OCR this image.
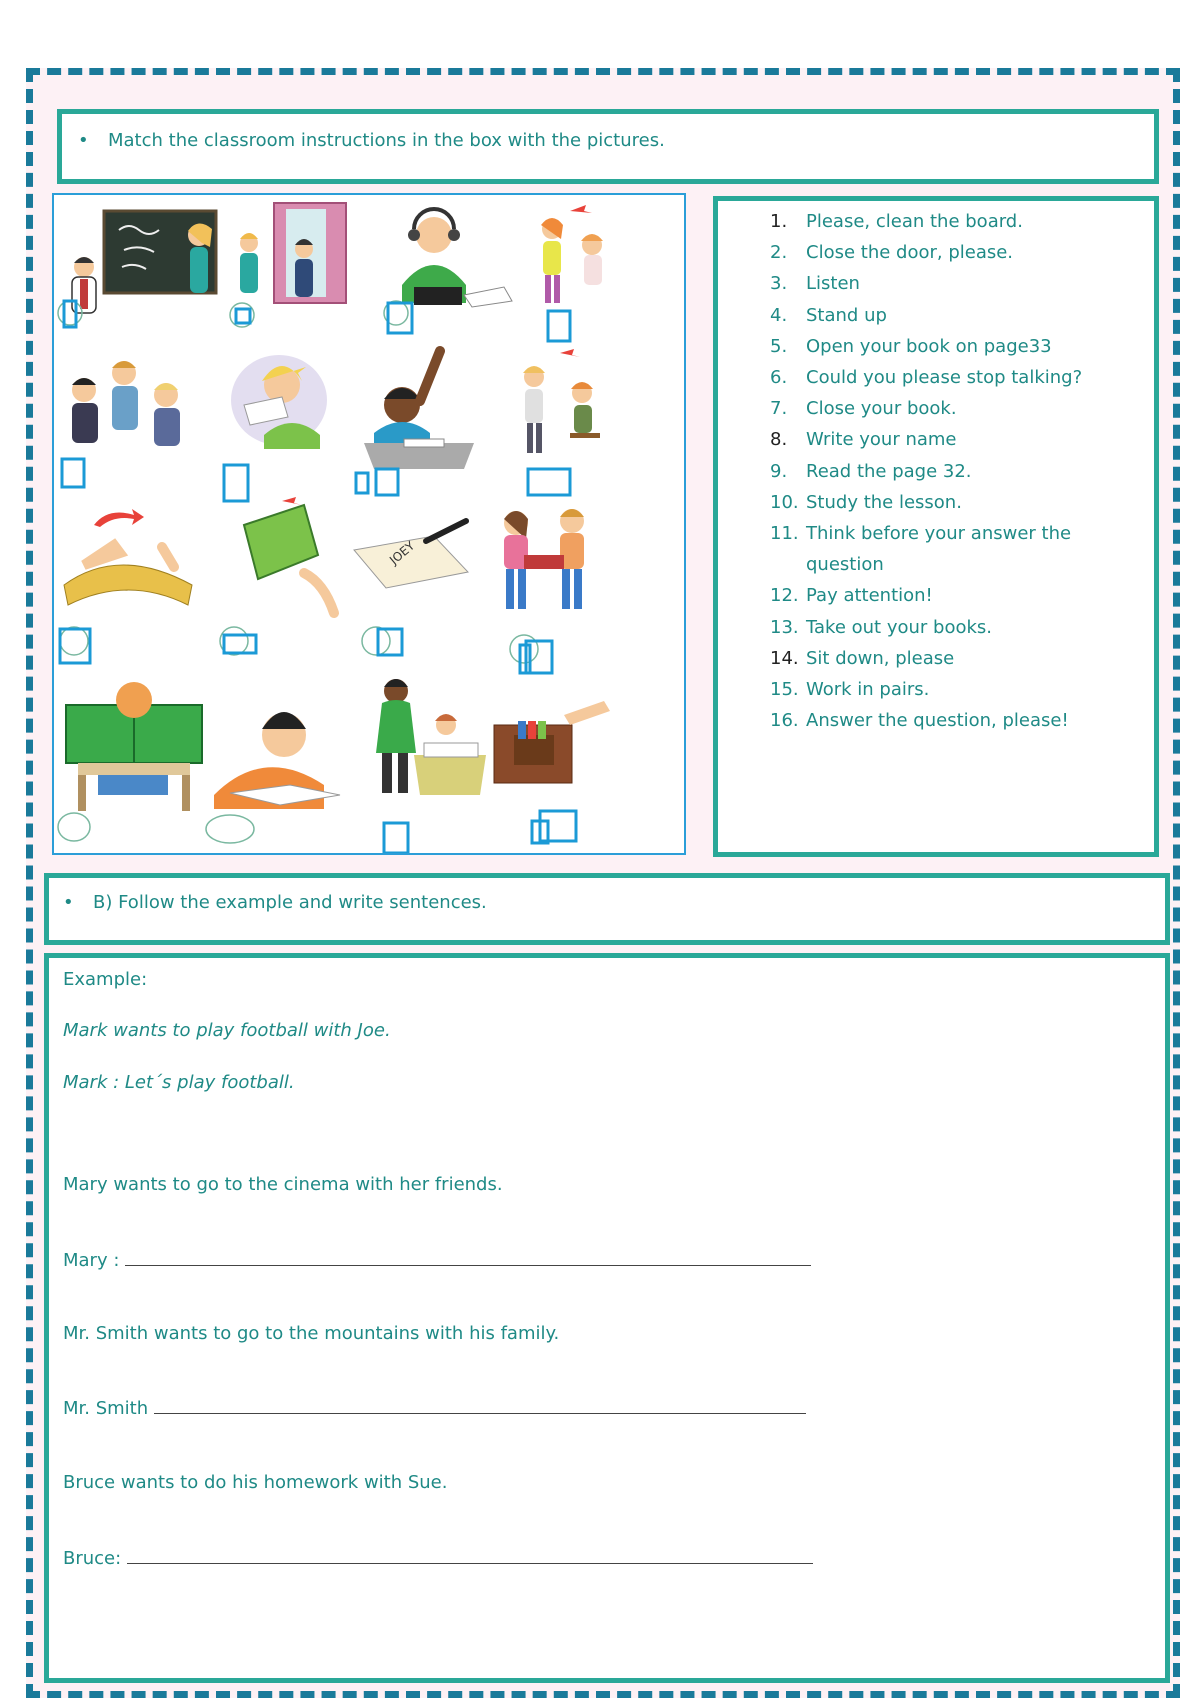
• Match the classroom instructions in the box with the pictures.
JOEY
1. Please, clean the board.
2. Close the door, please.
3. Listen
4. Stand up
5. Open your book on page33
6. Could you please stop talking?
7. Close your book.
8. Write your name
9. Read the page 32.
10. Study the lesson.
11. Think before your answer the
question
12. Pay attention!
13. Take out your books.
14. Sit down, please
15. Work in pairs.
16. Answer the question, please!
• B) Follow the example and write sentences.
Example:
Mark wants to play football with Joe.
Mark : Let´s play football.
Mary wants to go to the cinema with her friends.
Mary :
Mr. Smith wants to go to the mountains with his family.
Mr. Smith
Bruce wants to do his homework with Sue.
Bruce:
